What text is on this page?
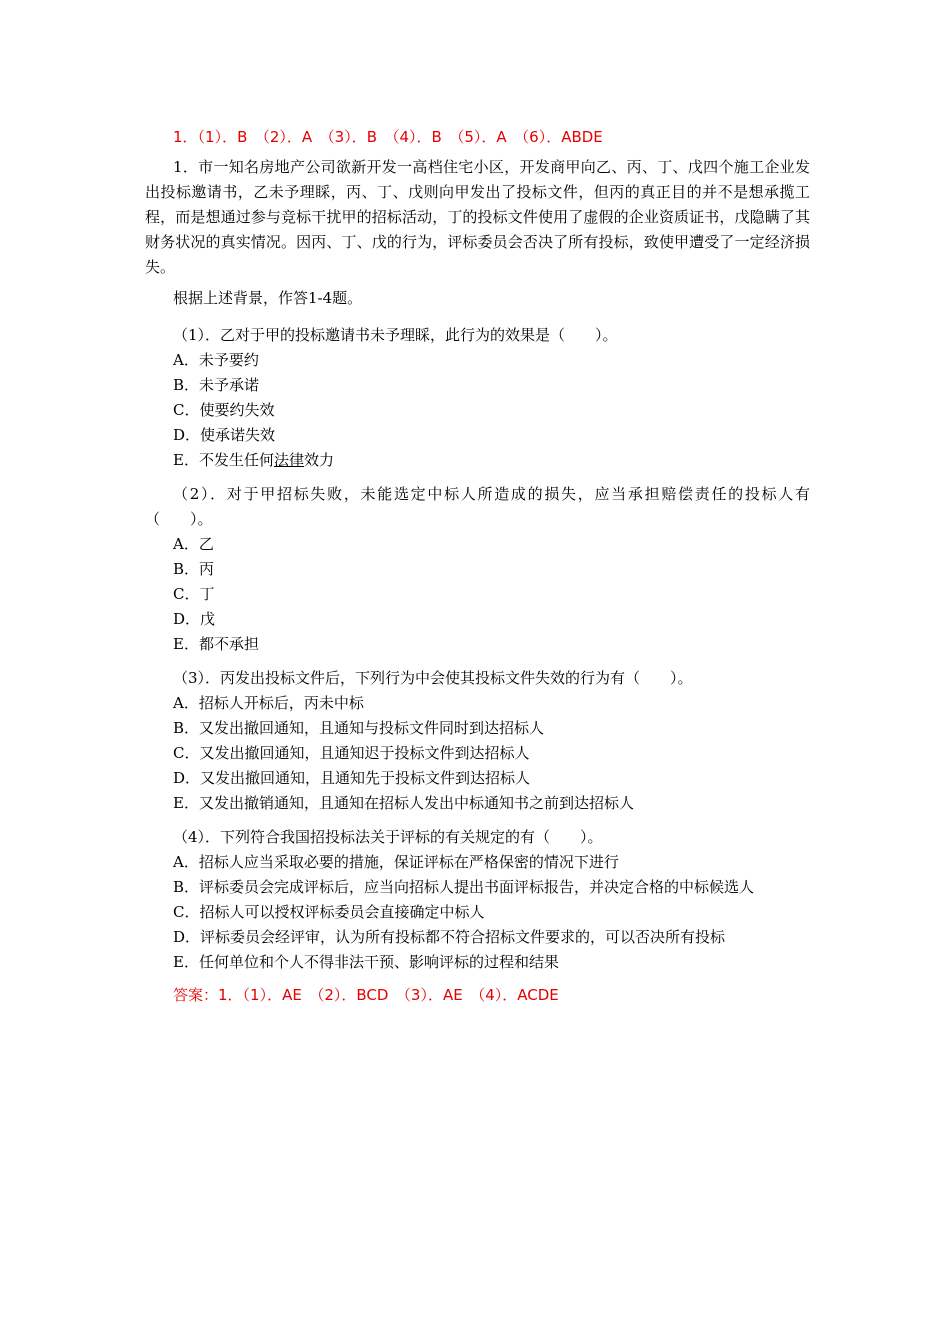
1．（1）．B　（2）．A　（3）．B　（4）．B　（5）．A　（6）．ABDE

1．市一知名房地产公司欲新开发一高档住宅小区，开发商甲向乙、丙、丁、戊四个施工企业发出投标邀请书，乙未予理睬，丙、丁、戊则向甲发出了投标文件，但丙的真正目的并不是想承揽工程，而是想通过参与竞标干扰甲的招标活动，丁的投标文件使用了虚假的企业资质证书，戊隐瞒了其财务状况的真实情况。因丙、丁、戊的行为，评标委员会否决了所有投标，致使甲遭受了一定经济损失。

根据上述背景，作答1-4题。

（1）．乙对于甲的投标邀请书未予理睬，此行为的效果是（　　）。
A．未予要约
B．未予承诺
C．使要约失效
D．使承诺失效
E．不发生任何法律效力
（2）．对于甲招标失败，未能选定中标人所造成的损失，应当承担赔偿责任的投标人有（　　）。
A．乙
B．丙
C．丁
D．戊
E．都不承担
（3）．丙发出投标文件后，下列行为中会使其投标文件失效的行为有（　　）。
A．招标人开标后，丙未中标
B．又发出撤回通知，且通知与投标文件同时到达招标人
C．又发出撤回通知，且通知迟于投标文件到达招标人
D．又发出撤回通知，且通知先于投标文件到达招标人
E．又发出撤销通知，且通知在招标人发出中标通知书之前到达招标人
（4）．下列符合我国招投标法关于评标的有关规定的有（　　）。
A．招标人应当采取必要的措施，保证评标在严格保密的情况下进行
B．评标委员会完成评标后，应当向招标人提出书面评标报告，并决定合格的中标候选人
C．招标人可以授权评标委员会直接确定中标人
D．评标委员会经评审，认为所有投标都不符合招标文件要求的，可以否决所有投标
E．任何单位和个人不得非法干预、影响评标的过程和结果
答案：1．（1）．AE　（2）．BCD　（3）．AE　（4）．ACDE
